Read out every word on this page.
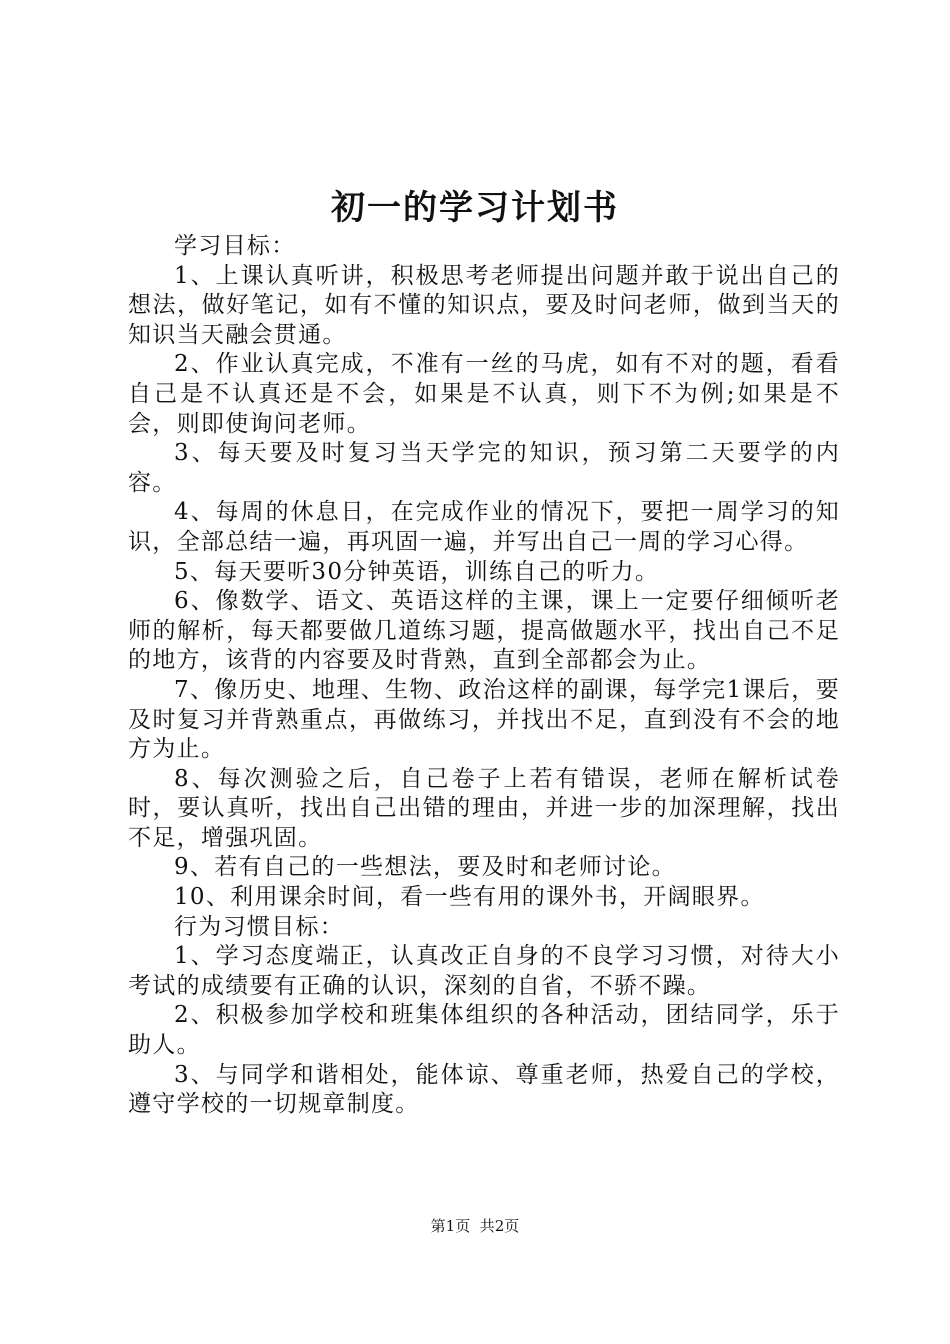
初一的学习计划书

学习目标：

1、上课认真听讲，积极思考老师提出问题并敢于说出自己的想法，做好笔记，如有不懂的知识点，要及时问老师，做到当天的知识当天融会贯通。

2、作业认真完成，不准有一丝的马虎，如有不对的题，看看自己是不认真还是不会，如果是不认真，则下不为例;如果是不会，则即使询问老师。

3、每天要及时复习当天学完的知识，预习第二天要学的内容。

4、每周的休息日，在完成作业的情况下，要把一周学习的知识，全部总结一遍，再巩固一遍，并写出自己一周的学习心得。

5、每天要听30分钟英语，训练自己的听力。

6、像数学、语文、英语这样的主课，课上一定要仔细倾听老师的解析，每天都要做几道练习题，提高做题水平，找出自己不足的地方，该背的内容要及时背熟，直到全部都会为止。

7、像历史、地理、生物、政治这样的副课，每学完1课后，要及时复习并背熟重点，再做练习，并找出不足，直到没有不会的地方为止。

8、每次测验之后，自己卷子上若有错误，老师在解析试卷时，要认真听，找出自己出错的理由，并进一步的加深理解，找出不足，增强巩固。

9、若有自己的一些想法，要及时和老师讨论。

10、利用课余时间，看一些有用的课外书，开阔眼界。

行为习惯目标：

1、学习态度端正，认真改正自身的不良学习习惯，对待大小考试的成绩要有正确的认识，深刻的自省，不骄不躁。

2、积极参加学校和班集体组织的各种活动，团结同学，乐于助人。

3、与同学和谐相处，能体谅、尊重老师，热爱自己的学校，遵守学校的一切规章制度。

第1页 共2页
